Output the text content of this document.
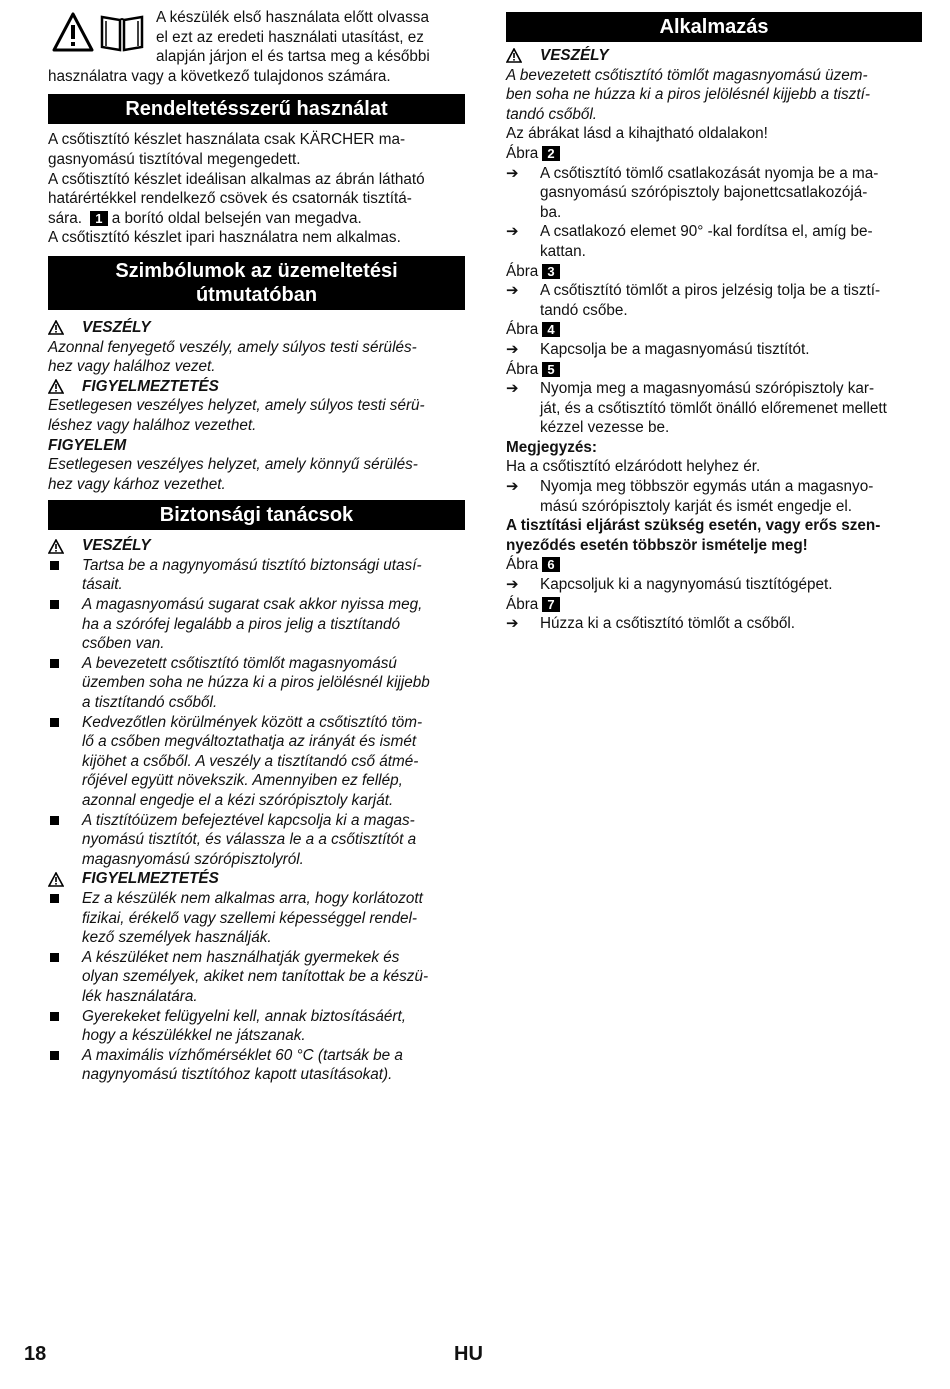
A készülék első használata előtt olvassa

el ezt az eredeti használati utasítást, ez

alapján járjon el és tartsa meg a későbbi

használatra vagy a következő tulajdonos számára.

Rendeltetésszerű használat

A csőtisztító készlet használata csak KÄRCHER ma-

gasnyomású tisztítóval megengedett.

A csőtisztító készlet ideálisan alkalmas az ábrán látható

határértékkel rendelkező csövek és csatornák tisztítá-

sára. 1 a borító oldal belsején van megadva.

A csőtisztító készlet ipari használatra nem alkalmas.

Szimbólumok az üzemeltetési
útmutatóban
VESZÉLY

Azonnal fenyegető veszély, amely súlyos testi sérülés-

hez vagy halálhoz vezet.

FIGYELMEZTETÉS

Esetlegesen veszélyes helyzet, amely súlyos testi sérü-

léshez vagy halálhoz vezethet.

FIGYELEM

Esetlegesen veszélyes helyzet, amely könnyű sérülés-

hez vagy kárhoz vezethet.

Biztonsági tanácsok
VESZÉLY

Tartsa be a nagynyomású tisztító biztonsági utasí-

tásait.

A magasnyomású sugarat csak akkor nyissa meg,

ha a szórófej legalább a piros jelig a tisztítandó

csőben van.

A bevezetett csőtisztító tömlőt magasnyomású

üzemben soha ne húzza ki a piros jelölésnél kijjebb

a tisztítandó csőből.

Kedvezőtlen körülmények között a csőtisztító töm-

lő a csőben megváltoztathatja az irányát és ismét

kijöhet a csőből. A veszély a tisztítandó cső átmé-

rőjével együtt növekszik. Amennyiben ez fellép,

azonnal engedje el a kézi szórópisztoly karját.

A tisztítóüzem befejeztével kapcsolja ki a magas-

nyomású tisztítót, és válassza le a a csőtisztítót a

magasnyomású szórópisztolyról.

FIGYELMEZTETÉS

Ez a készülék nem alkalmas arra, hogy korlátozott

fizikai, érékelő vagy szellemi képességgel rendel-

kező személyek használják.

A készüléket nem használhatják gyermekek és

olyan személyek, akiket nem tanítottak be a készü-

lék használatára.

Gyerekeket felügyelni kell, annak biztosításáért,

hogy a készülékkel ne játszanak.

A maximális vízhőmérséklet 60 °C (tartsák be a

nagynyomású tisztítóhoz kapott utasításokat).

Alkalmazás
VESZÉLY

A bevezetett csőtisztító tömlőt magasnyomású üzem-

ben soha ne húzza ki a piros jelölésnél kijjebb a tisztí-

tandó csőből.

Az ábrákat lásd a kihajtható oldalakon!

Ábra 2

➔	A csőtisztító tömlő csatlakozását nyomja be a ma-

gasnyomású szórópisztoly bajonettcsatlakozójá-

ba.

➔	A csatlakozó elemet 90° -kal fordítsa el, amíg be-

kattan.

Ábra 3

➔	A csőtisztító tömlőt a piros jelzésig tolja be a tisztí-

tandó csőbe.

Ábra 4

➔	Kapcsolja be a magasnyomású tisztítót.

Ábra 5

➔	Nyomja meg a magasnyomású szórópisztoly kar-

ját, és a csőtisztító tömlőt önálló előremenet mellett

kézzel vezesse be.

Megjegyzés:

Ha a csőtisztító elzáródott helyhez ér.

➔	Nyomja meg többször egymás után a magasnyo-

mású szórópisztoly karját és ismét engedje el.

A tisztítási eljárást szükség esetén, vagy erős szen-

nyeződés esetén többször ismételje meg!

Ábra 6

➔	Kapcsoljuk ki a nagynyomású tisztítógépet.

Ábra 7

➔	Húzza ki a csőtisztító tömlőt a csőből.

18	HU
